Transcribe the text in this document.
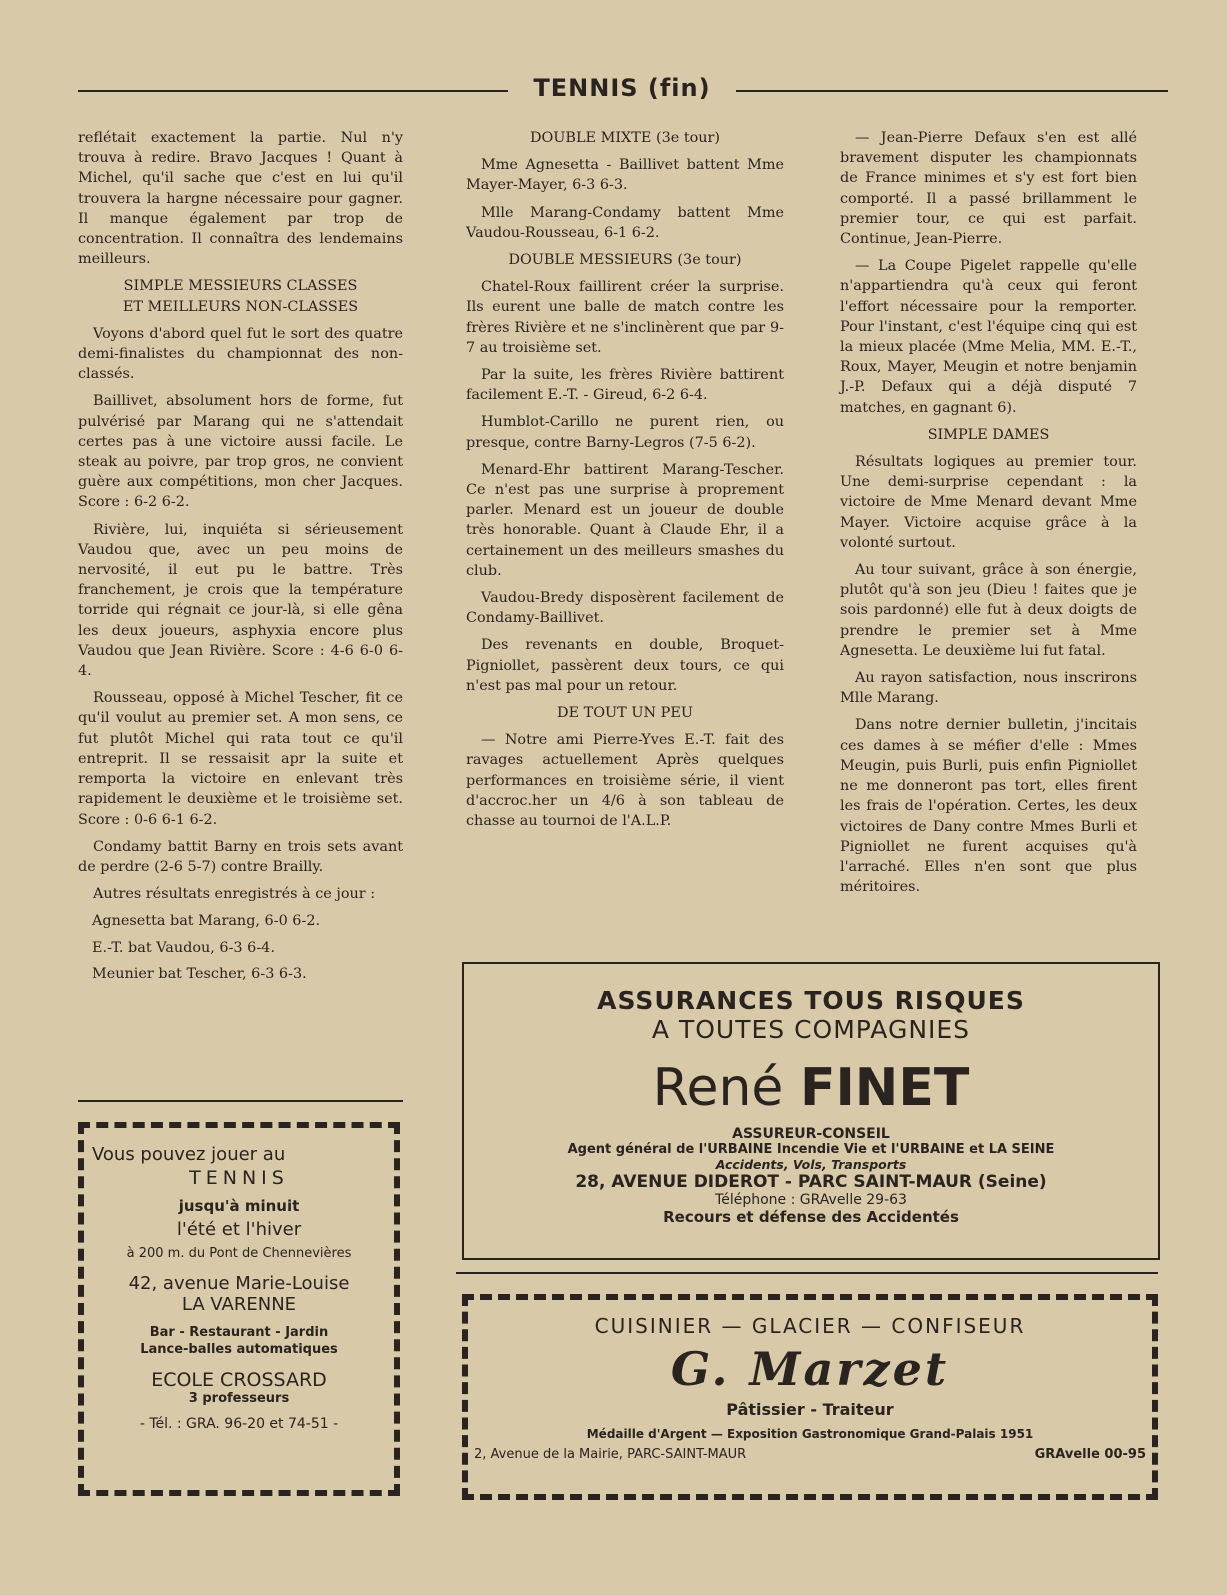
TENNIS (fin)

reflétait exactement la partie. Nul n'y trouva à redire. Bravo Jacques ! Quant à Michel, qu'il sache que c'est en lui qu'il trouvera la hargne nécessaire pour gagner. Il manque également par trop de concentration. Il connaîtra des lendemains meilleurs.

SIMPLE MESSIEURS CLASSES
ET MEILLEURS NON-CLASSES

Voyons d'abord quel fut le sort des quatre demi-finalistes du championnat des non-classés.

Baillivet, absolument hors de forme, fut pulvérisé par Marang qui ne s'attendait certes pas à une victoire aussi facile. Le steak au poivre, par trop gros, ne convient guère aux compétitions, mon cher Jacques. Score : 6-2 6-2.

Rivière, lui, inquiéta si sérieusement Vaudou que, avec un peu moins de nervosité, il eut pu le battre. Très franchement, je crois que la température torride qui régnait ce jour-là, si elle gêna les deux joueurs, asphyxia encore plus Vaudou que Jean Rivière. Score : 4-6 6-0 6-4.

Rousseau, opposé à Michel Tescher, fit ce qu'il voulut au premier set. A mon sens, ce fut plutôt Michel qui rata tout ce qu'il entreprit. Il se ressaisit apr la suite et remporta la victoire en enlevant très rapidement le deuxième et le troisième set. Score : 0-6 6-1 6-2.

Condamy battit Barny en trois sets avant de perdre (2-6 5-7) contre Brailly.

Autres résultats enregistrés à ce jour :

Agnesetta bat Marang, 6-0 6-2.

E.-T. bat Vaudou, 6-3 6-4.

Meunier bat Tescher, 6-3 6-3.

DOUBLE MIXTE (3e tour)

Mme Agnesetta - Baillivet battent Mme Mayer-Mayer, 6-3 6-3.

Mlle Marang-Condamy battent Mme Vaudou-Rousseau, 6-1 6-2.

DOUBLE MESSIEURS (3e tour)

Chatel-Roux faillirent créer la surprise. Ils eurent une balle de match contre les frères Rivière et ne s'inclinèrent que par 9-7 au troisième set.

Par la suite, les frères Rivière battirent facilement E.-T. - Gireud, 6-2 6-4.

Humblot-Carillo ne purent rien, ou presque, contre Barny-Legros (7-5 6-2).

Menard-Ehr battirent Marang-Tescher. Ce n'est pas une surprise à proprement parler. Menard est un joueur de double très honorable. Quant à Claude Ehr, il a certainement un des meilleurs smashes du club.

Vaudou-Bredy disposèrent facilement de Condamy-Baillivet.

Des revenants en double, Broquet-Pigniollet, passèrent deux tours, ce qui n'est pas mal pour un retour.

DE TOUT UN PEU

— Notre ami Pierre-Yves E.-T. fait des ravages actuellement Après quelques performances en troisième série, il vient d'accroc.her un 4/6 à son tableau de chasse au tournoi de l'A.L.P.

— Jean-Pierre Defaux s'en est allé bravement disputer les championnats de France minimes et s'y est fort bien comporté. Il a passé brillamment le premier tour, ce qui est parfait. Continue, Jean-Pierre.

— La Coupe Pigelet rappelle qu'elle n'appartiendra qu'à ceux qui feront l'effort nécessaire pour la remporter. Pour l'instant, c'est l'équipe cinq qui est la mieux placée (Mme Melia, MM. E.-T., Roux, Mayer, Meugin et notre benjamin J.-P. Defaux qui a déjà disputé 7 matches, en gagnant 6).

SIMPLE DAMES

Résultats logiques au premier tour. Une demi-surprise cependant : la victoire de Mme Menard devant Mme Mayer. Victoire acquise grâce à la volonté surtout.

Au tour suivant, grâce à son énergie, plutôt qu'à son jeu (Dieu ! faites que je sois pardonné) elle fut à deux doigts de prendre le premier set à Mme Agnesetta. Le deuxième lui fut fatal.

Au rayon satisfaction, nous inscrirons Mlle Marang.

Dans notre dernier bulletin, j'incitais ces dames à se méfier d'elle : Mmes Meugin, puis Burli, puis enfin Pigniollet ne me donneront pas tort, elles firent les frais de l'opération. Certes, les deux victoires de Dany contre Mmes Burli et Pigniollet ne furent acquises qu'à l'arraché. Elles n'en sont que plus méritoires.

ASSURANCES TOUS RISQUES
A TOUTES COMPAGNIES
René FINET
ASSUREUR-CONSEIL
Agent général de l'URBAINE Incendie Vie et l'URBAINE et LA SEINE
Accidents, Vols, Transports
28, AVENUE DIDEROT - PARC SAINT-MAUR (Seine)
Téléphone : GRAvelle 29-63
Recours et défense des Accidentés
Vous pouvez jouer au
TENNIS
jusqu'à minuit
l'été et l'hiver
à 200 m. du Pont de Chennevières
42, avenue Marie-Louise
LA VARENNE
Bar - Restaurant - Jardin
Lance-balles automatiques
ECOLE CROSSARD
3 professeurs
- Tél. : GRA. 96-20 et 74-51 -
CUISINIER — GLACIER — CONFISEUR
G. Marzet
Pâtissier - Traiteur
Médaille d'Argent — Exposition Gastronomique Grand-Palais 1951
2, Avenue de la Mairie, PARC-SAINT-MAUR	GRAvelle 00-95
